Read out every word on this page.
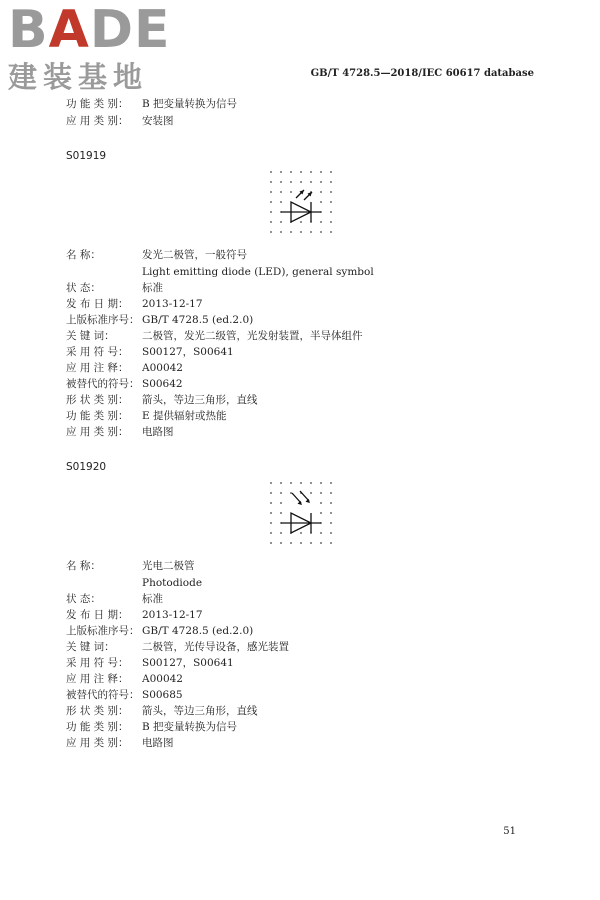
BADE
建装基地	GB/T 4728.5—2018/IEC 60617 database
功 能 类 别： B 把变量转换为信号
应 用 类 别： 安装图
S01919
名 称：	发光二极管，一般符号
Light emitting diode (LED), general symbol
状 态：	标准
发 布 日 期： 2013-12-17
上版标准序号： GB/T 4728.5 (ed.2.0)
关 键 词：	二极管，发光二级管，光发射装置，半导体组件
采 用 符 号： S00127，S00641
应 用 注 释： A00042
被替代的符号： S00642
形 状 类 别： 箭头，等边三角形，直线
功 能 类 别： E 提供辐射或热能
应 用 类 别： 电路图
S01920
名 称：	光电二极管
Photodiode
状 态：	标准
发 布 日 期： 2013-12-17
上版标准序号： GB/T 4728.5 (ed.2.0)
关 键 词：	二极管，光传导设备，感光装置
采 用 符 号： S00127，S00641
应 用 注 释： A00042
被替代的符号： S00685
形 状 类 别： 箭头，等边三角形，直线
功 能 类 别： B 把变量转换为信号
应 用 类 别： 电路图
51
